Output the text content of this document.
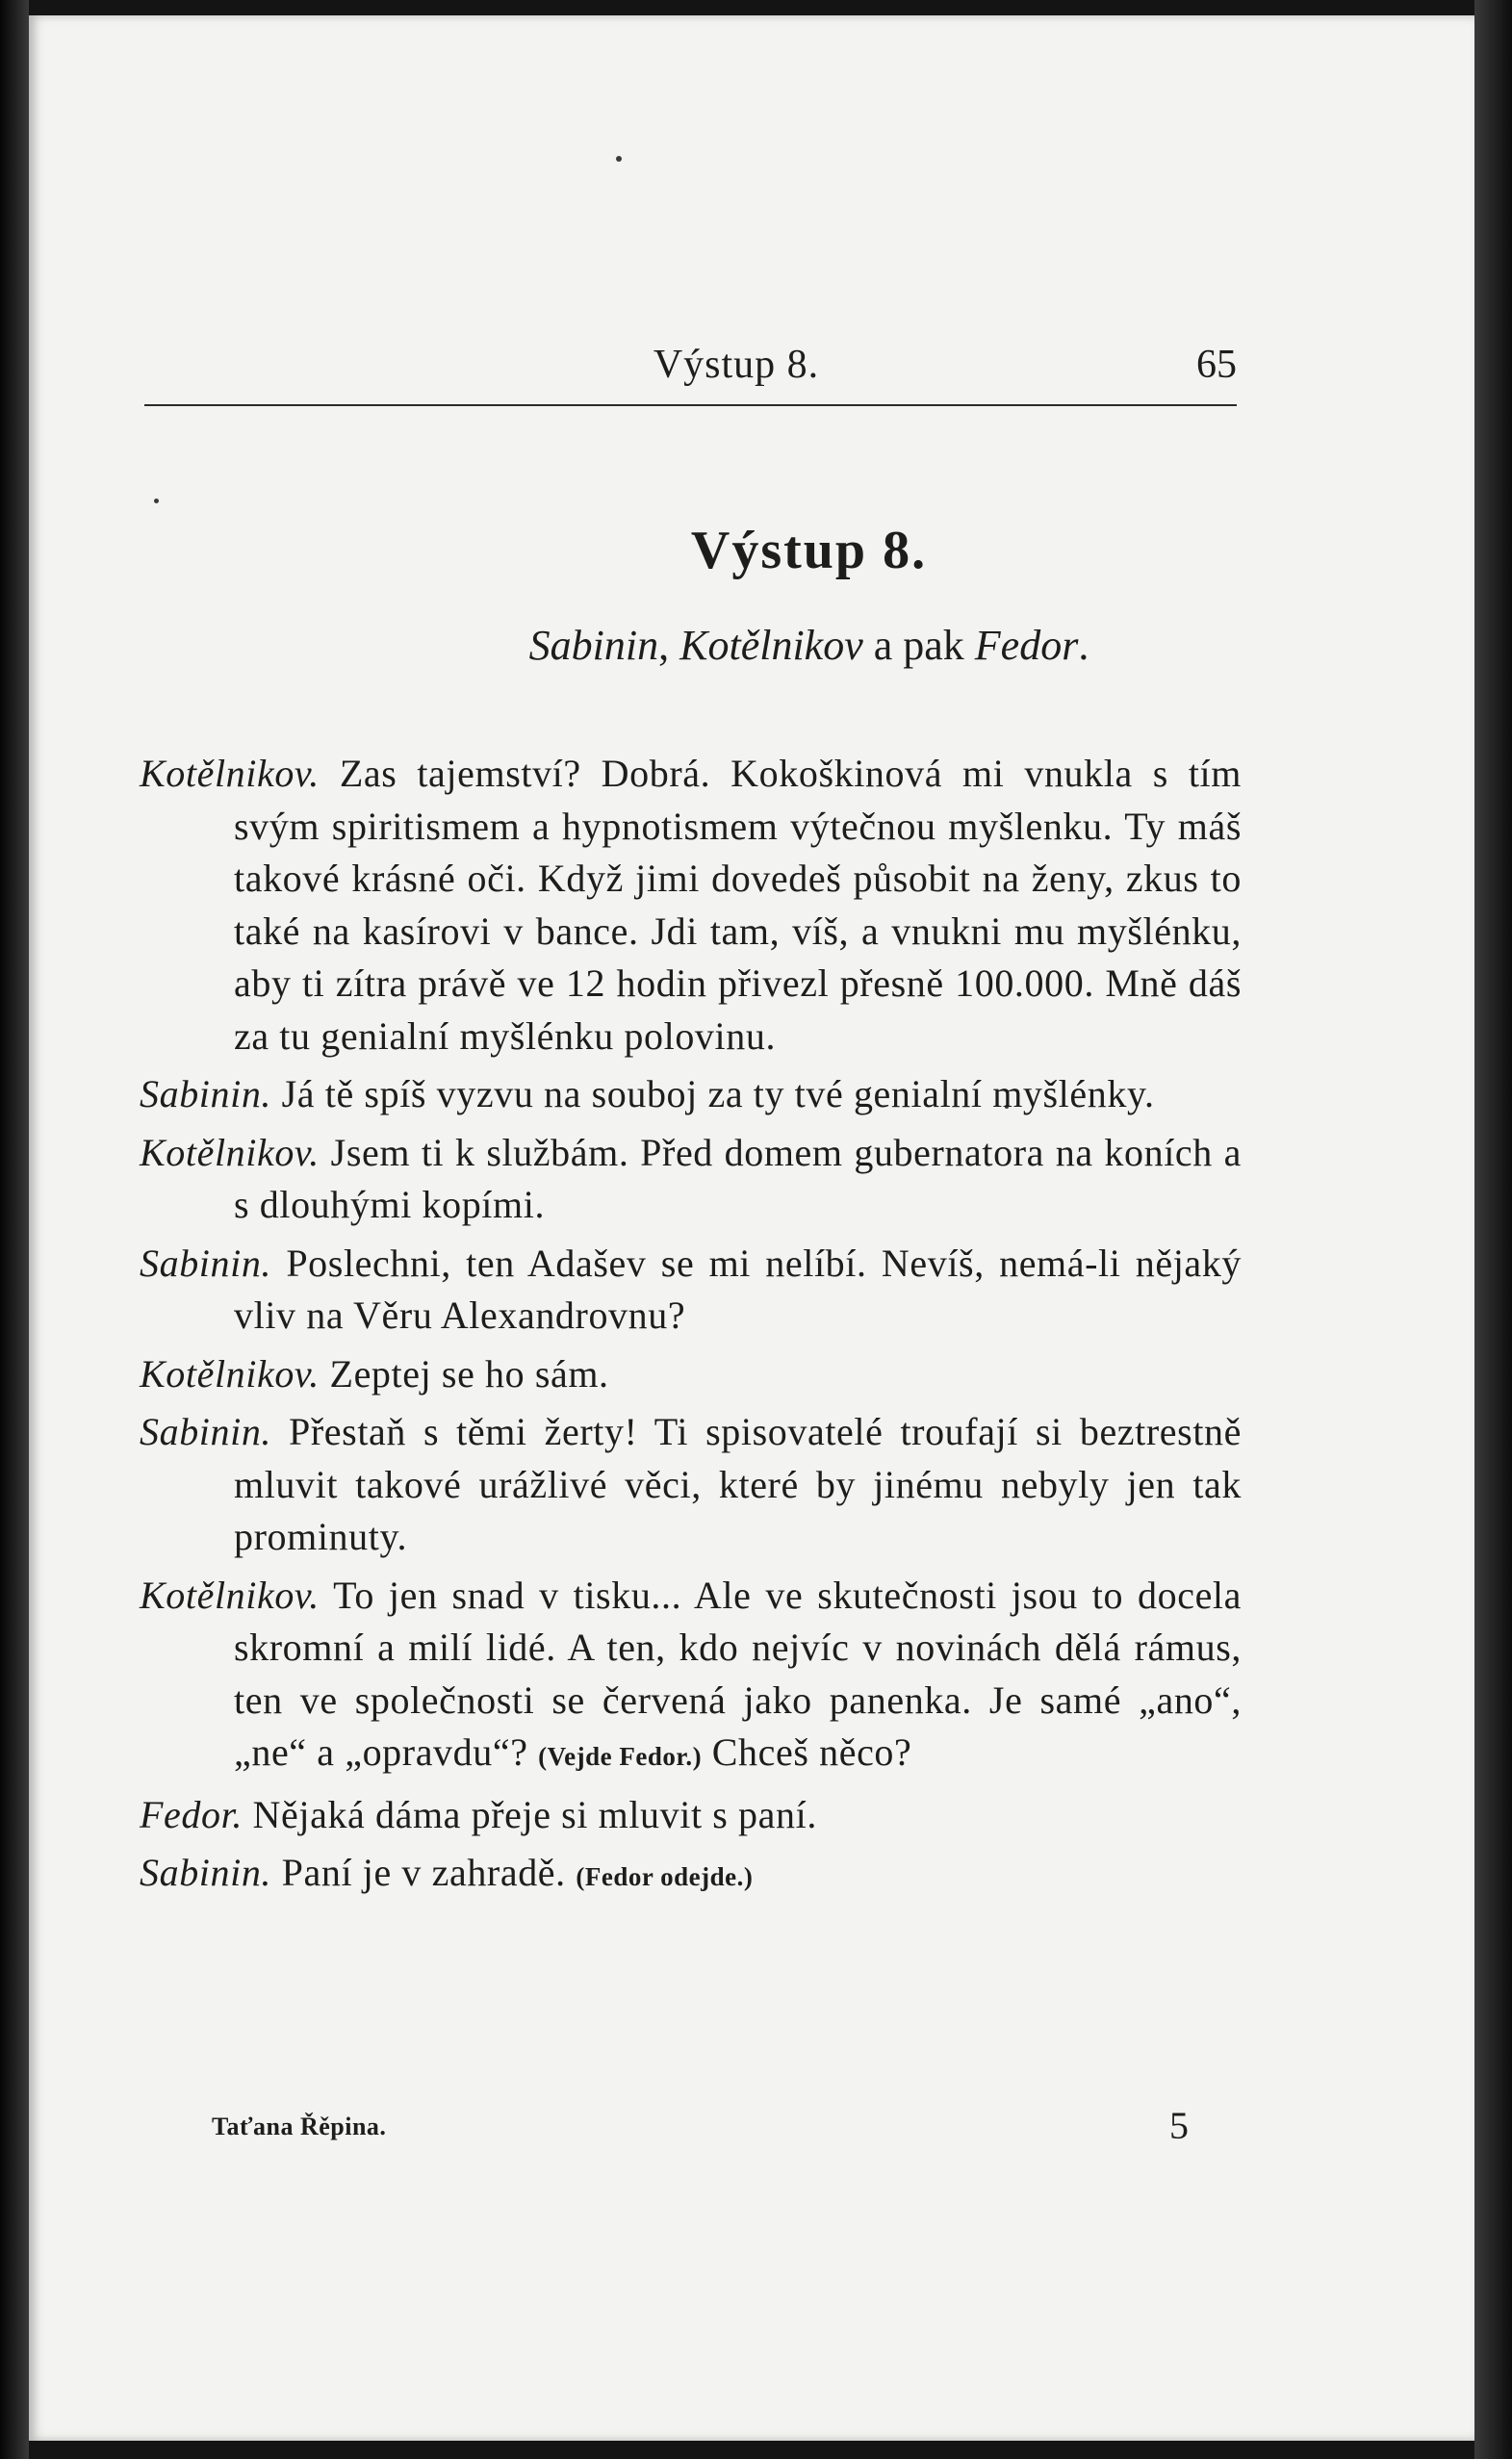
Výstup 8.	65
Výstup 8.
Sabinin, Kotělnikov a pak Fedor.

Kotělnikov. Zas tajemství? Dobrá. Kokoškinová mi vnukla s tím svým spiritismem a hypnotismem výtečnou myšlenku. Ty máš takové krásné oči. Když jimi dovedeš působit na ženy, zkus to také na kasírovi v bance. Jdi tam, víš, a vnukni mu myšlénku, aby ti zítra právě ve 12 hodin přivezl přesně 100.000. Mně dáš za tu genialní myšlénku polovinu.

Sabinin. Já tě spíš vyzvu na souboj za ty tvé genialní myšlénky.

Kotělnikov. Jsem ti k službám. Před domem gubernatora na koních a s dlouhými kopími.

Sabinin. Poslechni, ten Adašev se mi nelíbí. Nevíš, nemá-li nějaký vliv na Věru Alexandrovnu?

Kotělnikov. Zeptej se ho sám.

Sabinin. Přestaň s těmi žerty! Ti spisovatelé troufají si beztrestně mluvit takové urážlivé věci, které by jinému nebyly jen tak prominuty.

Kotělnikov. To jen snad v tisku... Ale ve skutečnosti jsou to docela skromní a milí lidé. A ten, kdo nejvíc v novinách dělá rámus, ten ve společnosti se červená jako panenka. Je samé „ano“, „ne“ a „opravdu“? (Vejde Fedor.) Chceš něco?

Fedor. Nějaká dáma přeje si mluvit s paní.

Sabinin. Paní je v zahradě. (Fedor odejde.)

Taťana Řěpina.	5
